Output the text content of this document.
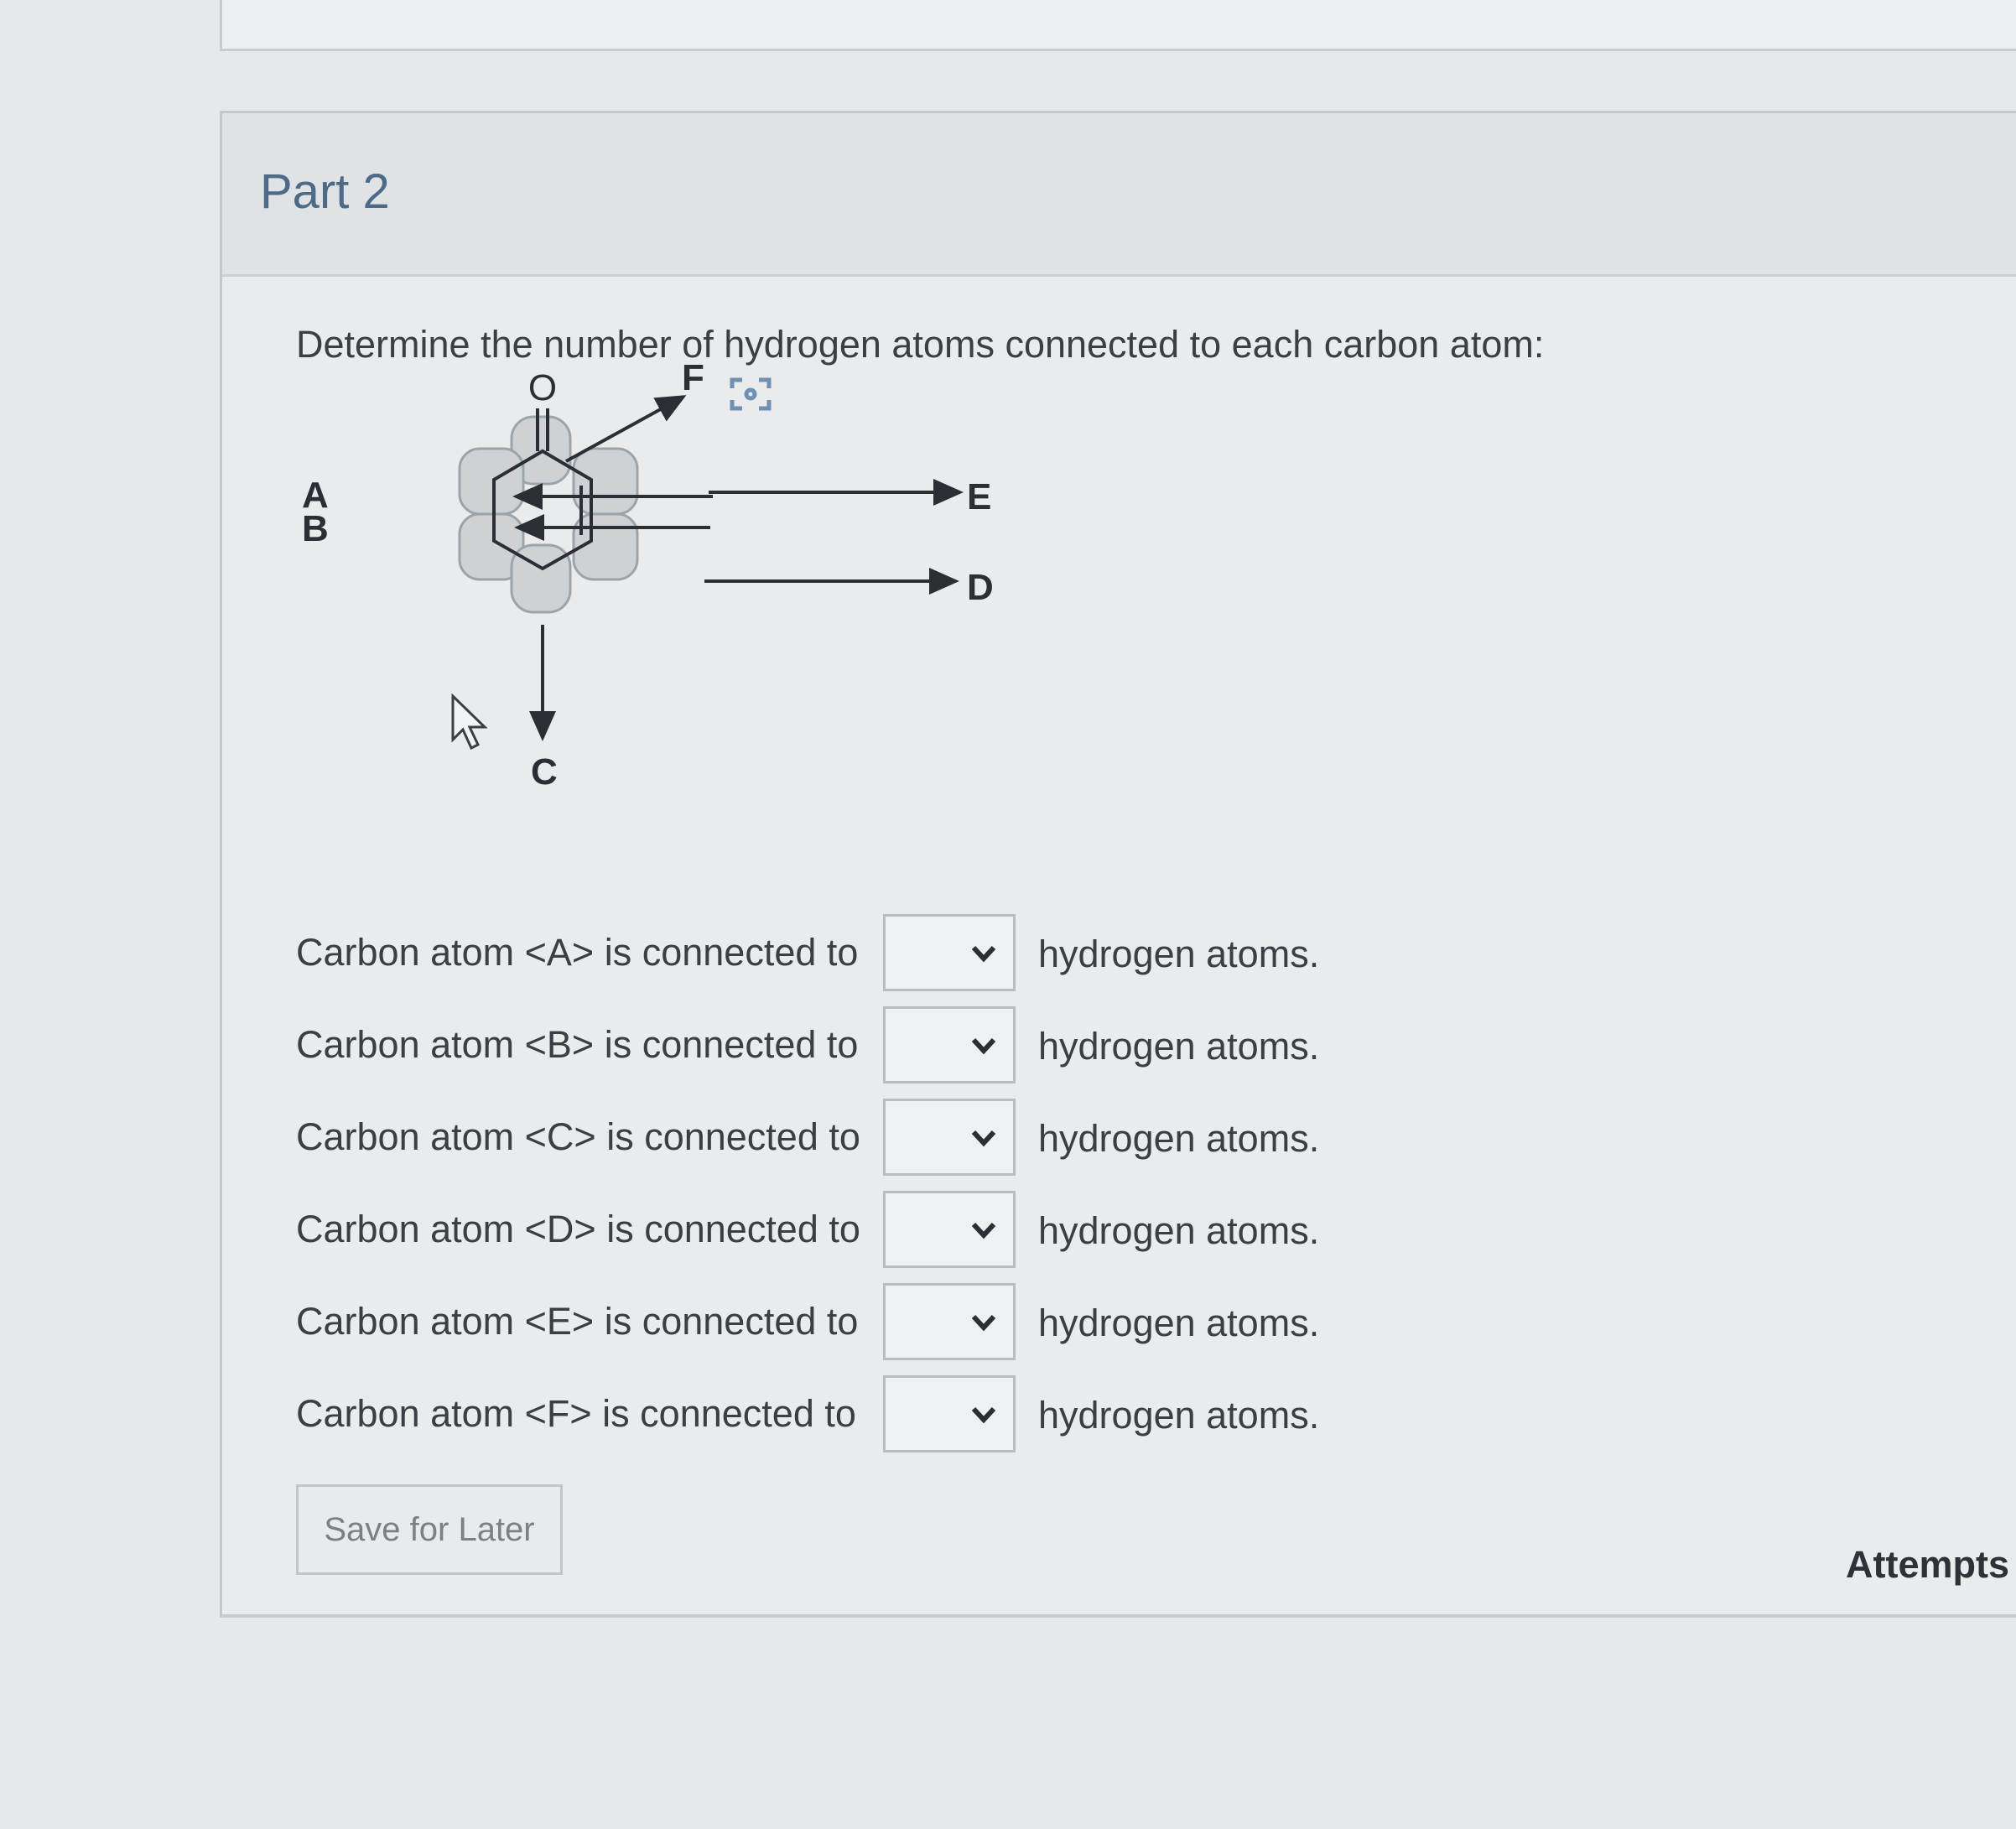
Part 2
Determine the number of hydrogen atoms connected to each carbon atom:
O
A
B
E
D
C
F
Carbon atom <A> is connected to	hydrogen atoms.
Carbon atom <B> is connected to	hydrogen atoms.
Carbon atom <C> is connected to	hydrogen atoms.
Carbon atom <D> is connected to	hydrogen atoms.
Carbon atom <E> is connected to	hydrogen atoms.
Carbon atom <F> is connected to	hydrogen atoms.
Save for Later
Attempts
